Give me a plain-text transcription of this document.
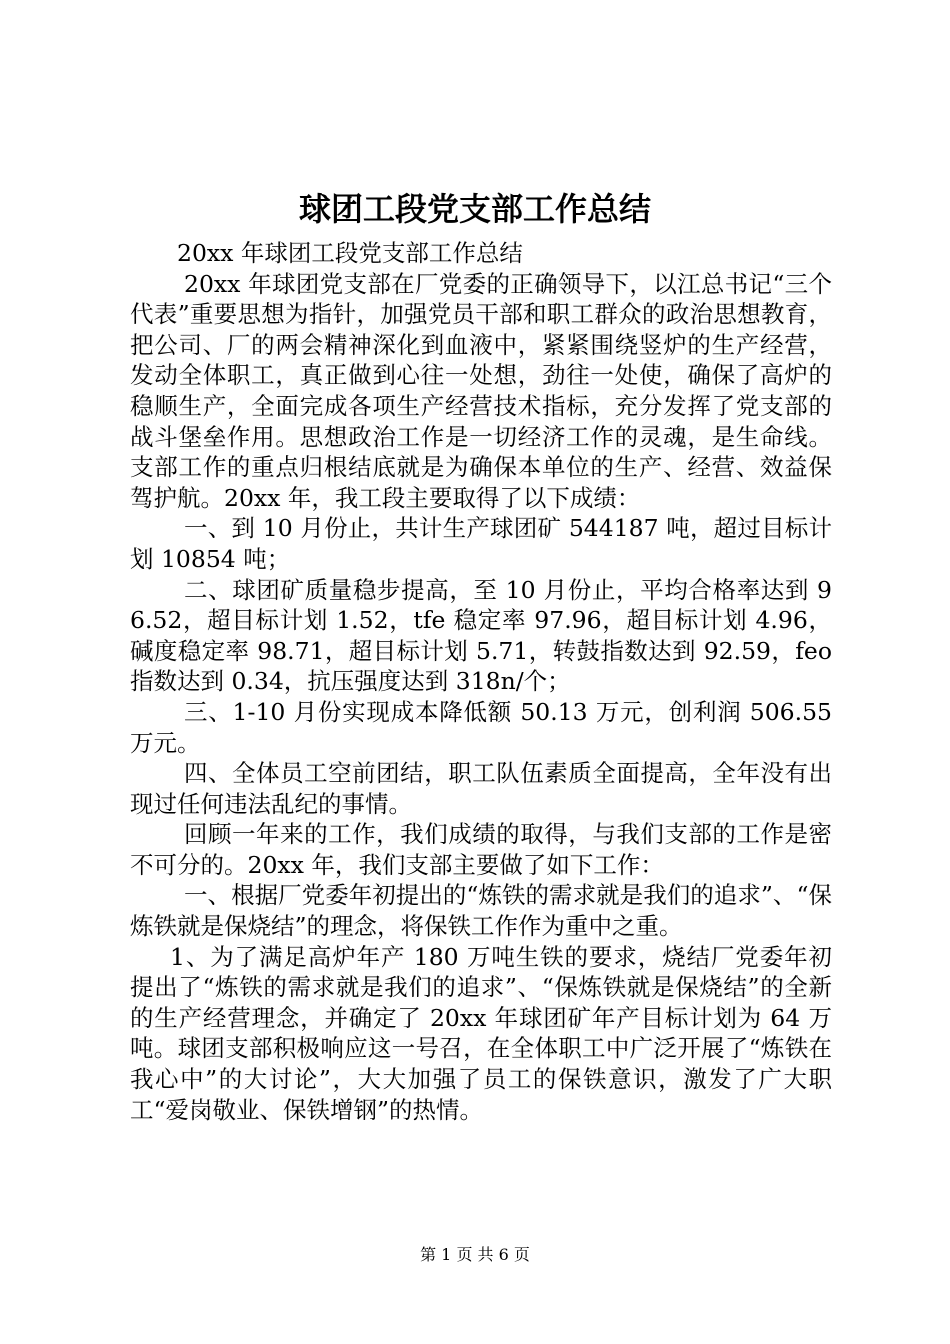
球团工段党支部工作总结

20xx 年球团工段党支部工作总结

20xx 年球团党支部在厂党委的正确领导下，以江总书记“三个代表”重要思想为指针，加强党员干部和职工群众的政治思想教育，把公司、厂的两会精神深化到血液中，紧紧围绕竖炉的生产经营，发动全体职工，真正做到心往一处想，劲往一处使，确保了高炉的稳顺生产，全面完成各项生产经营技术指标，充分发挥了党支部的战斗堡垒作用。思想政治工作是一切经济工作的灵魂，是生命线。支部工作的重点归根结底就是为确保本单位的生产、经营、效益保驾护航。20xx 年，我工段主要取得了以下成绩：

一、到 10 月份止，共计生产球团矿 544187 吨，超过目标计划 10854 吨；

二、球团矿质量稳步提高，至 10 月份止，平均合格率达到 96.52，超目标计划 1.52，tfe 稳定率 97.96，超目标计划 4.96，碱度稳定率 98.71，超目标计划 5.71，转鼓指数达到 92.59，feo 指数达到 0.34，抗压强度达到 318n/个；

三、1-10 月份实现成本降低额 50.13 万元，创利润 506.55 万元。

四、全体员工空前团结，职工队伍素质全面提高，全年没有出现过任何违法乱纪的事情。

回顾一年来的工作，我们成绩的取得，与我们支部的工作是密不可分的。20xx 年，我们支部主要做了如下工作：

一、根据厂党委年初提出的“炼铁的需求就是我们的追求”、“保炼铁就是保烧结”的理念，将保铁工作作为重中之重。

1、为了满足高炉年产 180 万吨生铁的要求，烧结厂党委年初提出了“炼铁的需求就是我们的追求”、“保炼铁就是保烧结”的全新的生产经营理念，并确定了 20xx 年球团矿年产目标计划为 64 万吨。球团支部积极响应这一号召，在全体职工中广泛开展了“炼铁在我心中”的大讨论”，大大加强了员工的保铁意识，激发了广大职工“爱岗敬业、保铁增钢”的热情。

第 1 页 共 6 页
